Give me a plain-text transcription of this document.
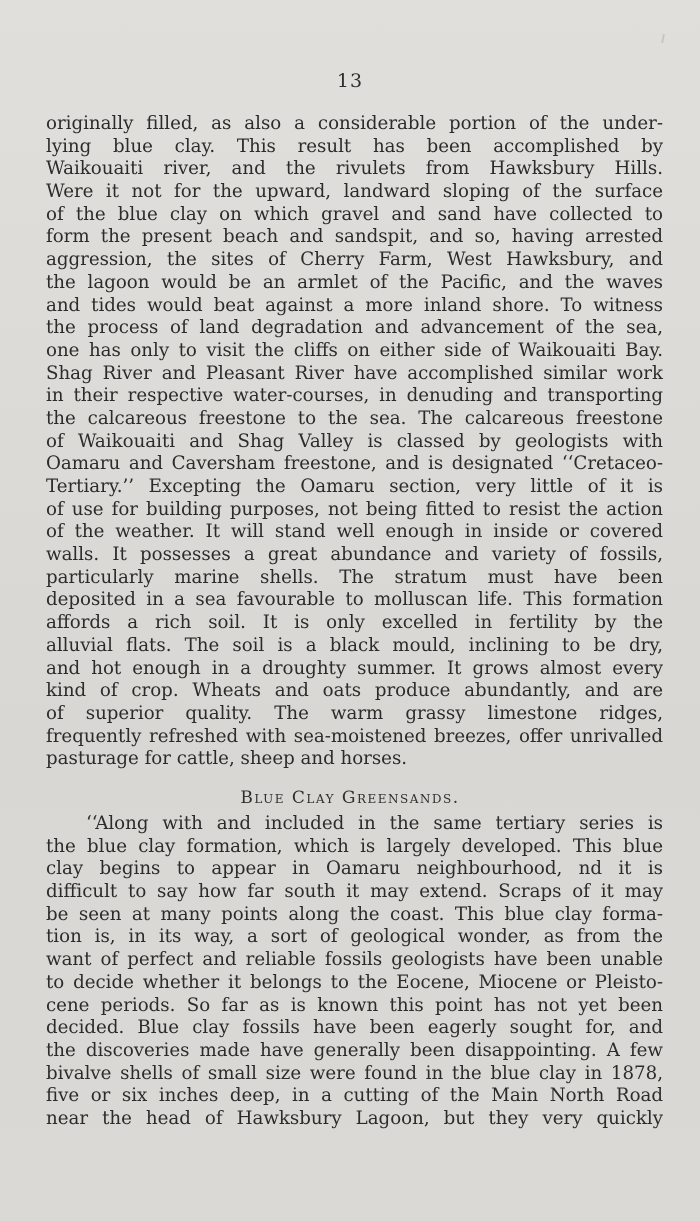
13
originally filled, as also a considerable portion of the under-
lying blue clay. This result has been accomplished by
Waikouaiti river, and the rivulets from Hawksbury Hills.
Were it not for the upward, landward sloping of the surface
of the blue clay on which gravel and sand have collected to
form the present beach and sandspit, and so, having arrested
aggression, the sites of Cherry Farm, West Hawksbury, and
the lagoon would be an armlet of the Pacific, and the waves
and tides would beat against a more inland shore. To witness
the process of land degradation and advancement of the sea,
one has only to visit the cliffs on either side of Waikouaiti Bay.
Shag River and Pleasant River have accomplished similar work
in their respective water-courses, in denuding and transporting
the calcareous freestone to the sea. The calcareous freestone
of Waikouaiti and Shag Valley is classed by geologists with
Oamaru and Caversham freestone, and is designated ‘‘Cretaceo-
Tertiary.’’ Excepting the Oamaru section, very little of it is
of use for building purposes, not being fitted to resist the action
of the weather. It will stand well enough in inside or covered
walls. It possesses a great abundance and variety of fossils,
particularly marine shells. The stratum must have been
deposited in a sea favourable to molluscan life. This formation
affords a rich soil. It is only excelled in fertility by the
alluvial flats. The soil is a black mould, inclining to be dry,
and hot enough in a droughty summer. It grows almost every
kind of crop. Wheats and oats produce abundantly, and are
of superior quality. The warm grassy limestone ridges,
frequently refreshed with sea-moistened breezes, offer unrivalled
pasturage for cattle, sheep and horses.
Blue Clay Greensands.
‘‘Along with and included in the same tertiary series is
the blue clay formation, which is largely developed. This blue
clay begins to appear in Oamaru neighbourhood, nd it is
difficult to say how far south it may extend. Scraps of it may
be seen at many points along the coast. This blue clay forma-
tion is, in its way, a sort of geological wonder, as from the
want of perfect and reliable fossils geologists have been unable
to decide whether it belongs to the Eocene, Miocene or Pleisto-
cene periods. So far as is known this point has not yet been
decided. Blue clay fossils have been eagerly sought for, and
the discoveries made have generally been disappointing. A few
bivalve shells of small size were found in the blue clay in 1878,
five or six inches deep, in a cutting of the Main North Road
near the head of Hawksbury Lagoon, but they very quickly
